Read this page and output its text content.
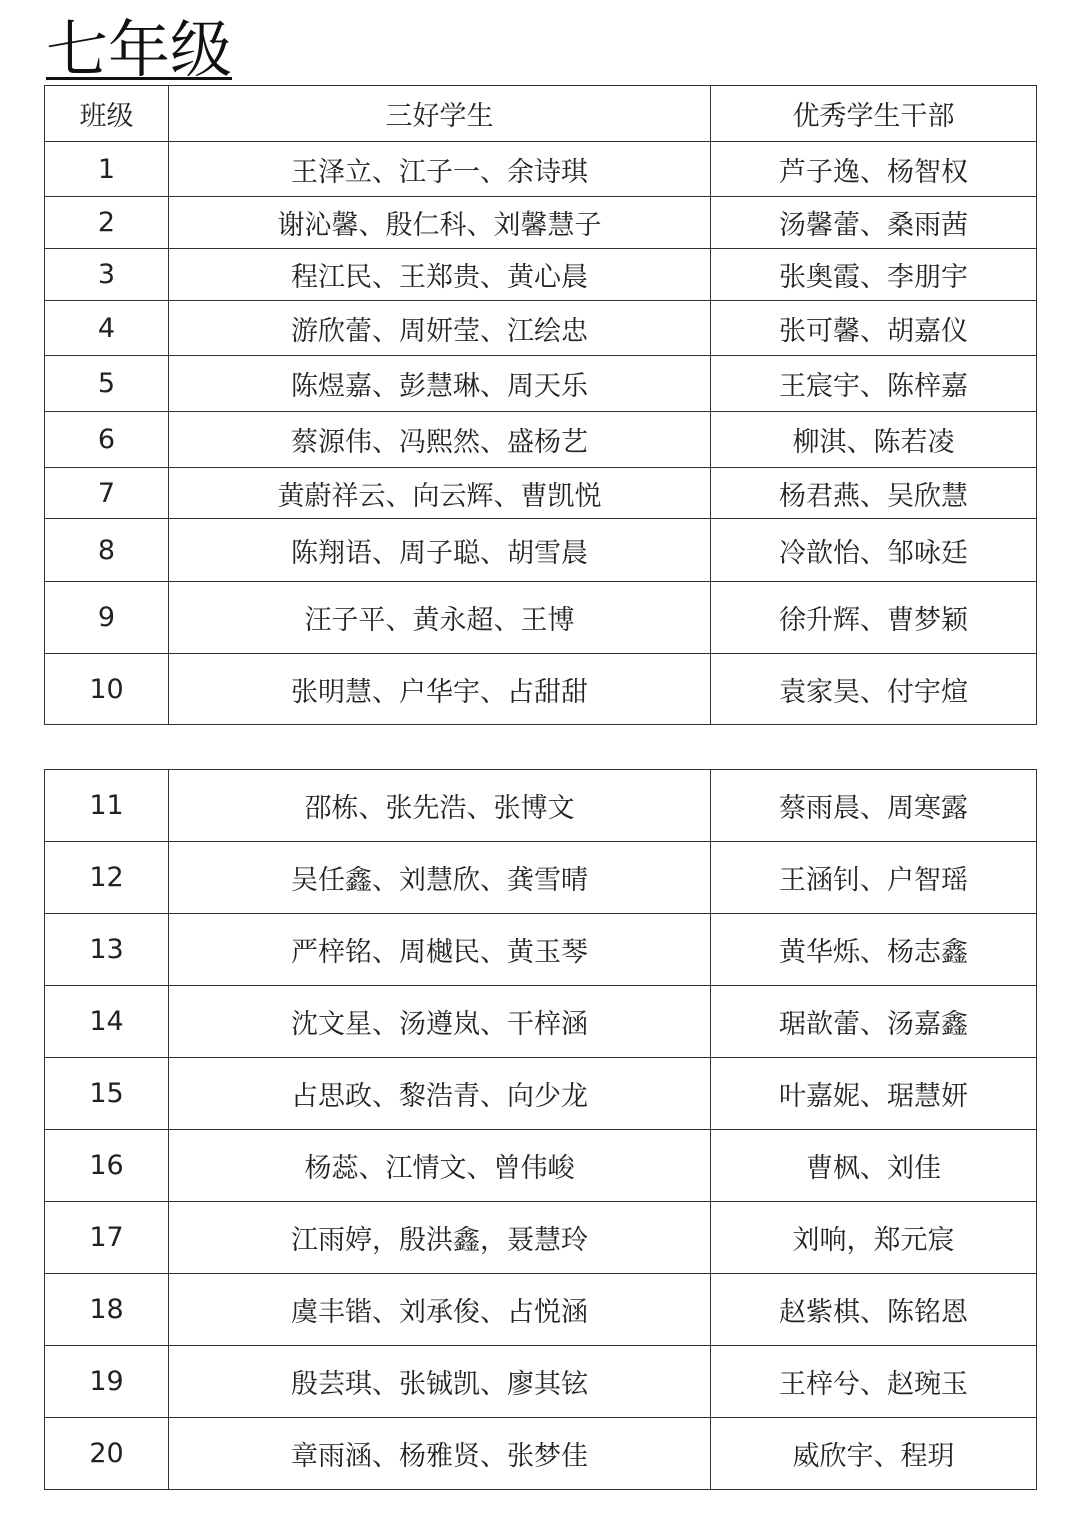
七年级
班级	三好学生	优秀学生干部
1	王泽立、江子一、余诗琪	芦子逸、杨智权
2	谢沁馨、殷仁科、刘馨慧子	汤馨蕾、桑雨茜
3	程江民、王郑贵、黄心晨	张奥霞、李朋宇
4	游欣蕾、周妍莹、江绘忠	张可馨、胡嘉仪
5	陈煜嘉、彭慧琳、周天乐	王宸宇、陈梓嘉
6	蔡源伟、冯熙然、盛杨艺	柳淇、陈若凌
7	黄蔚祥云、向云辉、曹凯悦	杨君燕、吴欣慧
8	陈翔语、周子聪、胡雪晨	冷歆怡、邹咏廷
9	汪子平、黄永超、王博	徐升辉、曹梦颖
10	张明慧、户华宇、占甜甜	袁家昊、付宇煊
11	邵栋、张先浩、张博文	蔡雨晨、周寒露
12	吴任鑫、刘慧欣、龚雪晴	王涵钊、户智瑶
13	严梓铭、周樾民、黄玉琴	黄华烁、杨志鑫
14	沈文星、汤遵岚、干梓涵	琚歆蕾、汤嘉鑫
15	占思政、黎浩青、向少龙	叶嘉妮、琚慧妍
16	杨蕊、江情文、曾伟峻	曹枫、刘佳
17	江雨婷，殷洪鑫，聂慧玲	刘响，郑元宸
18	虞丰锴、刘承俊、占悦涵	赵紫棋、陈铭恩
19	殷芸琪、张铖凯、廖其铉	王梓兮、赵琬玉
20	章雨涵、杨雅贤、张梦佳	威欣宇、程玥
